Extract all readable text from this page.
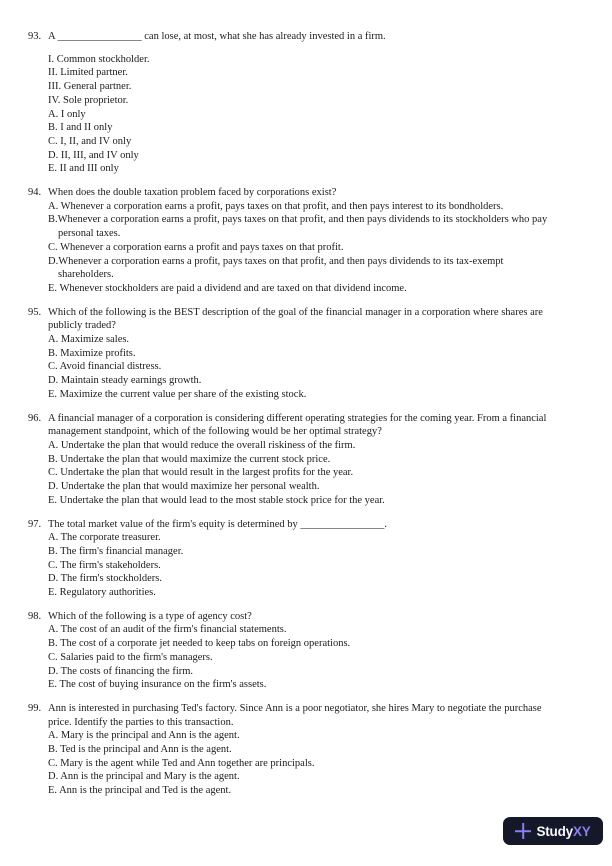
93. A ________________ can lose, at most, what she has already invested in a firm.
I. Common stockholder.
II. Limited partner.
III. General partner.
IV. Sole proprietor.
A. I only
B. I and II only
C. I, II, and IV only
D. II, III, and IV only
E. II and III only
94. When does the double taxation problem faced by corporations exist?
A. Whenever a corporation earns a profit, pays taxes on that profit, and then pays interest to its bondholders.
B.Whenever a corporation earns a profit, pays taxes on that profit, and then pays dividends to its stockholders who pay personal taxes.
C. Whenever a corporation earns a profit and pays taxes on that profit.
D.Whenever a corporation earns a profit, pays taxes on that profit, and then pays dividends to its tax-exempt shareholders.
E. Whenever stockholders are paid a dividend and are taxed on that dividend income.
95. Which of the following is the BEST description of the goal of the financial manager in a corporation where shares are publicly traded?
A. Maximize sales.
B. Maximize profits.
C. Avoid financial distress.
D. Maintain steady earnings growth.
E. Maximize the current value per share of the existing stock.
96. A financial manager of a corporation is considering different operating strategies for the coming year. From a financial management standpoint, which of the following would be her optimal strategy?
A. Undertake the plan that would reduce the overall riskiness of the firm.
B. Undertake the plan that would maximize the current stock price.
C. Undertake the plan that would result in the largest profits for the year.
D. Undertake the plan that would maximize her personal wealth.
E. Undertake the plan that would lead to the most stable stock price for the year.
97. The total market value of the firm's equity is determined by ________________.
A. The corporate treasurer.
B. The firm's financial manager.
C. The firm's stakeholders.
D. The firm's stockholders.
E. Regulatory authorities.
98. Which of the following is a type of agency cost?
A. The cost of an audit of the firm's financial statements.
B. The cost of a corporate jet needed to keep tabs on foreign operations.
C. Salaries paid to the firm's managers.
D. The costs of financing the firm.
E. The cost of buying insurance on the firm's assets.
99. Ann is interested in purchasing Ted's factory. Since Ann is a poor negotiator, she hires Mary to negotiate the purchase price. Identify the parties to this transaction.
A. Mary is the principal and Ann is the agent.
B. Ted is the principal and Ann is the agent.
C. Mary is the agent while Ted and Ann together are principals.
D. Ann is the principal and Mary is the agent.
E. Ann is the principal and Ted is the agent.
StudyXY
